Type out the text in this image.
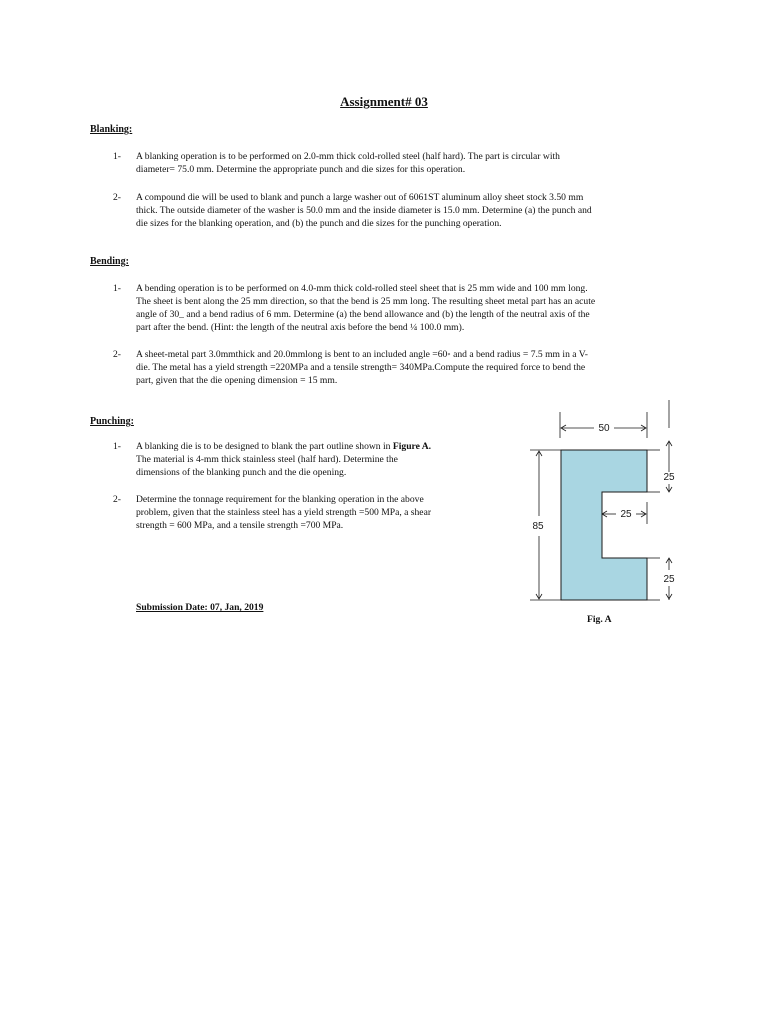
Assignment# 03
Blanking:
1-	A blanking operation is to be performed on 2.0-mm thick cold-rolled steel (half hard). The part is circular with
diameter= 75.0 mm. Determine the appropriate punch and die sizes for this operation.
2-	A compound die will be used to blank and punch a large washer out of 6061ST aluminum alloy sheet stock 3.50 mm
thick. The outside diameter of the washer is 50.0 mm and the inside diameter is 15.0 mm. Determine (a) the punch and
die sizes for the blanking operation, and (b) the punch and die sizes for the punching operation.
Bending:
1-	A bending operation is to be performed on 4.0-mm thick cold-rolled steel sheet that is 25 mm wide and 100 mm long.
The sheet is bent along the 25 mm direction, so that the bend is 25 mm long. The resulting sheet metal part has an acute
angle of 30_ and a bend radius of 6 mm. Determine (a) the bend allowance and (b) the length of the neutral axis of the
part after the bend. (Hint: the length of the neutral axis before the bend ¼ 100.0 mm).
2-	A sheet-metal part 3.0mmthick and 20.0mmlong is bent to an included angle =60◦ and a bend radius = 7.5 mm in a V-
die. The metal has a yield strength =220MPa and a tensile strength= 340MPa.Compute the required force to bend the
part, given that the die opening dimension = 15 mm.
Punching:
1-	A blanking die is to be designed to blank the part outline shown in Figure A.
The material is 4-mm thick stainless steel (half hard). Determine the
dimensions of the blanking punch and the die opening.
2-	Determine the tonnage requirement for the blanking operation in the above
problem, given that the stainless steel has a yield strength =500 MPa, a shear
strength = 600 MPa, and a tensile strength =700 MPa.
Submission Date: 07, Jan, 2019
50
85
25
25
25
Fig. A
